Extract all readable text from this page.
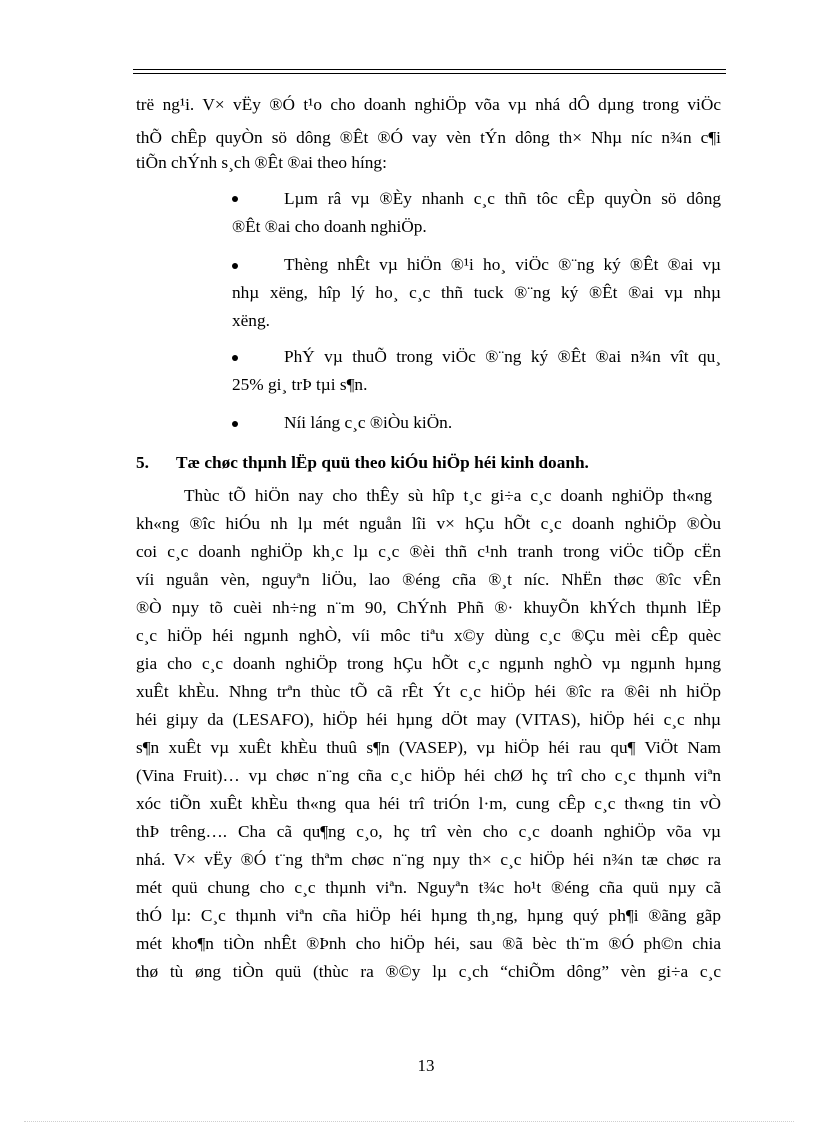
trë ng¹i. V× vËy ®Ó t¹o cho doanh nghiÖp võa vµ nhá dÔ dµng trong viÖc
thÕ chÊp quyÒn sö dông ®Êt ®Ó vay vèn tÝn dông th× Nhµ níc n¾n c¶i
tiÕn chÝnh s¸ch ®Êt ®ai theo híng:
Lµm râ vµ ®Èy nhanh c¸c thñ tôc cÊp quyÒn sö dông
®Êt ®ai cho doanh nghiÖp.
Thèng nhÊt vµ hiÖn ®¹i ho¸ viÖc ®¨ng ký ®Êt ®ai vµ
nhµ xëng, hîp lý ho¸ c¸c thñ tuck ®¨ng ký ®Êt ®ai vµ nhµ
xëng.
PhÝ vµ thuÕ trong viÖc ®¨ng ký ®Êt ®ai n¾n vît qu¸
25% gi¸ trÞ tµi s¶n.
Níi láng c¸c ®iÒu kiÖn.
5. Tæ chøc thµnh lËp quü theo kiÓu hiÖp héi kinh doanh.
Thùc tÕ hiÖn nay cho thÊy sù hîp t¸c gi÷a c¸c doanh nghiÖp th«ng
kh«ng ®îc hiÓu nh lµ mét nguån lîi v× hÇu hÕt c¸c doanh nghiÖp ®Òu
coi c¸c doanh nghiÖp kh¸c lµ c¸c ®èi thñ c¹nh tranh trong viÖc tiÕp cËn
víi nguån vèn, nguyªn liÖu, lao ®éng cña ®¸t níc. NhËn thøc ®îc vÊn
®Ò nµy tõ cuèi nh÷ng n¨m 90, ChÝnh Phñ ®· khuyÕn khÝch thµnh lËp
c¸c hiÖp héi ngµnh nghÒ, víi môc tiªu x©y dùng c¸c ®Çu mèi cÊp quèc
gia cho c¸c doanh nghiÖp trong hÇu hÕt c¸c ngµnh nghÒ vµ ngµnh hµng
xuÊt khÈu. Nhng trªn thùc tÕ cã rÊt Ýt c¸c hiÖp héi ®îc ra ®êi nh hiÖp
héi giµy da (LESAFO), hiÖp héi hµng dÖt may (VITAS), hiÖp héi c¸c nhµ
s¶n xuÊt vµ xuÊt khÈu thuû s¶n (VASEP), vµ hiÖp héi rau qu¶ ViÖt Nam
(Vina Fruit)… vµ chøc n¨ng cña c¸c hiÖp héi chØ hç trî cho c¸c thµnh viªn
xóc tiÕn xuÊt khÈu th«ng qua héi trî triÓn l·m, cung cÊp c¸c th«ng tin vÒ
thÞ trêng…. Cha cã qu¶ng c¸o, hç trî vèn cho c¸c doanh nghiÖp võa vµ
nhá. V× vËy ®Ó t¨ng thªm chøc n¨ng nµy th× c¸c hiÖp héi n¾n tæ chøc ra
mét quü chung cho c¸c thµnh viªn. Nguyªn t¾c ho¹t ®éng cña quü nµy cã
thÓ lµ: C¸c thµnh viªn cña hiÖp héi hµng th¸ng, hµng quý ph¶i ®ãng gãp
mét kho¶n tiÒn nhÊt ®Þnh cho hiÖp héi, sau ®ã bèc th¨m ®Ó ph©n chia
thø tù øng tiÒn quü (thùc ra ®©y lµ c¸ch “chiÕm dông” vèn gi÷a c¸c
13
